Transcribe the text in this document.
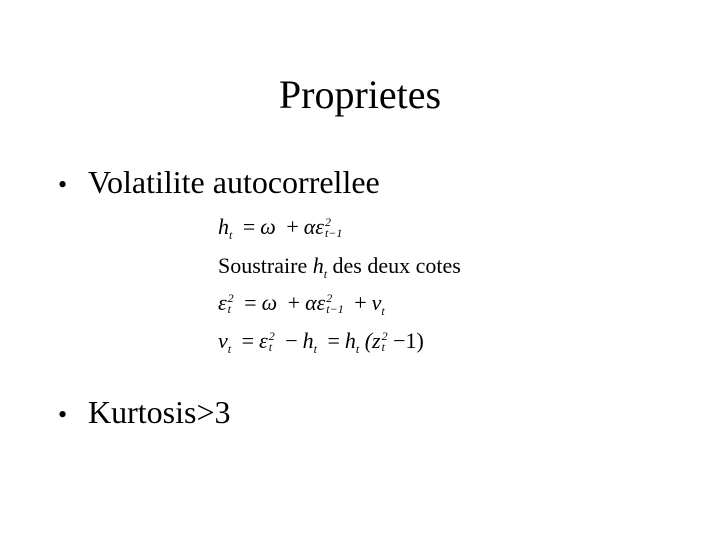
Proprietes
• Volatilite autocorrellee
$h_t = \omega + \alpha\varepsilon$ 2
t−1
Soustraire $h_t$ des deux cotes
ε 2
t = ω + αε 2
$t-1 + v_t$
$v_t = \varepsilon$ 2
$t - h_t = h_t$ (z 2
t −1)
• Kurtosis>3
